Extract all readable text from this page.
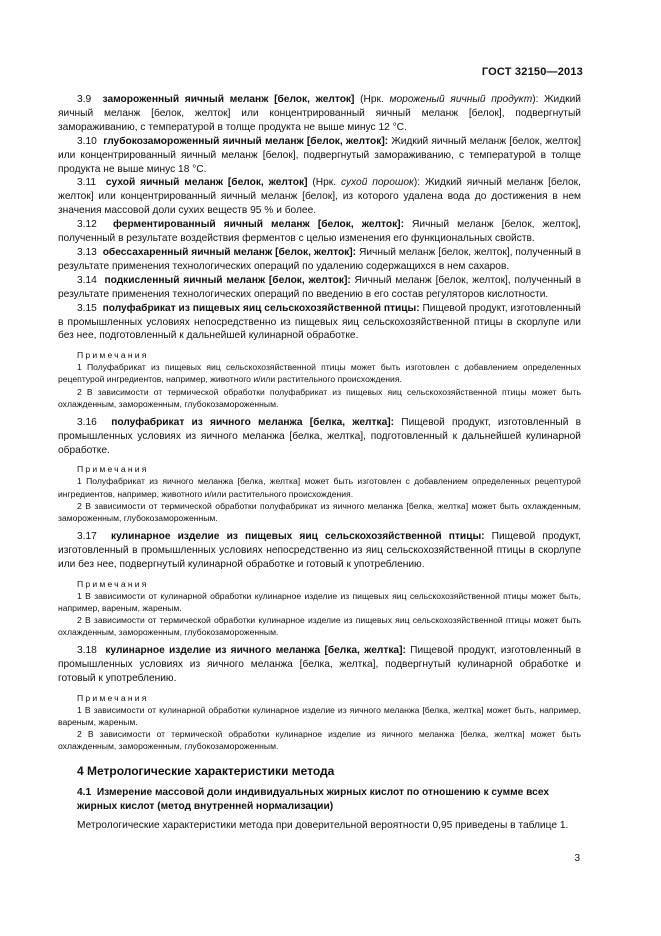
ГОСТ 32150—2013

3.9 замороженный яичный меланж [белок, желток] (Нрк. мороженый яичный продукт): Жидкий яичный меланж [белок, желток] или концентрированный яичный меланж [белок], подвергнутый замораживанию, с температурой в толще продукта не выше минус 12 °С.

3.10 глубокозамороженный яичный меланж [белок, желток]: Жидкий яичный меланж [белок, желток] или концентрированный яичный меланж [белок], подвергнутый замораживанию, с температурой в толще продукта не выше минус 18 °С.

3.11 сухой яичный меланж [белок, желток] (Нрк. сухой порошок): Жидкий яичный меланж [белок, желток] или концентрированный яичный меланж [белок], из которого удалена вода до достижения в нем значения массовой доли сухих веществ 95 % и более.

3.12 ферментированный яичный меланж [белок, желток]: Яичный меланж [белок, желток], полученный в результате воздействия ферментов с целью изменения его функциональных свойств.

3.13 обессахаренный яичный меланж [белок, желток]: Яичный меланж [белок, желток], полученный в результате применения технологических операций по удалению содержащихся в нем сахаров.

3.14 подкисленный яичный меланж [белок, желток]: Яичный меланж [белок, желток], полученный в результате применения технологических операций по введению в его состав регуляторов кислотности.

3.15 полуфабрикат из пищевых яиц сельскохозяйственной птицы: Пищевой продукт, изготовленный в промышленных условиях непосредственно из пищевых яиц сельскохозяйственной птицы в скорлупе или без нее, подготовленный к дальнейшей кулинарной обработке.

Примечания

1 Полуфабрикат из пищевых яиц сельскохозяйственной птицы может быть изготовлен с добавлением определенных рецептурой ингредиентов, например, животного и/или растительного происхождения.

2 В зависимости от термической обработки полуфабрикат из пищевых яиц сельскохозяйственной птицы может быть охлажденным, замороженным, глубокозамороженным.

3.16 полуфабрикат из яичного меланжа [белка, желтка]: Пищевой продукт, изготовленный в промышленных условиях из яичного меланжа [белка, желтка], подготовленный к дальнейшей кулинарной обработке.

Примечания

1 Полуфабрикат из яичного меланжа [белка, желтка] может быть изготовлен с добавлением определенных рецептурой ингредиентов, например, животного и/или растительного происхождения.

2 В зависимости от термической обработки полуфабрикат из яичного меланжа [белка, желтка] может быть охлажденным, замороженным, глубокозамороженным.

3.17 кулинарное изделие из пищевых яиц сельскохозяйственной птицы: Пищевой продукт, изготовленный в промышленных условиях непосредственно из яиц сельскохозяйственной птицы в скорлупе или без нее, подвергнутый кулинарной обработке и готовый к употреблению.

Примечания

1 В зависимости от кулинарной обработки кулинарное изделие из пищевых яиц сельскохозяйственной птицы может быть, например, вареным, жареным.

2 В зависимости от термической обработки кулинарное изделие из пищевых яиц сельскохозяйственной птицы может быть охлажденным, замороженным, глубокозамороженным.

3.18 кулинарное изделие из яичного меланжа [белка, желтка]: Пищевой продукт, изготовленный в промышленных условиях из яичного меланжа [белка, желтка], подвергнутый кулинарной обработке и готовый к употреблению.

Примечания

1 В зависимости от кулинарной обработки кулинарное изделие из яичного меланжа [белка, желтка] может быть, например, вареным, жареным.

2 В зависимости от термической обработки кулинарное изделие из яичного меланжа [белка, желтка] может быть охлажденным, замороженным, глубокозамороженным.

4 Метрологические характеристики метода
4.1 Измерение массовой доли индивидуальных жирных кислот по отношению к сумме всех жирных кислот (метод внутренней нормализации)

Метрологические характеристики метода при доверительной вероятности 0,95 приведены в таблице 1.

3
